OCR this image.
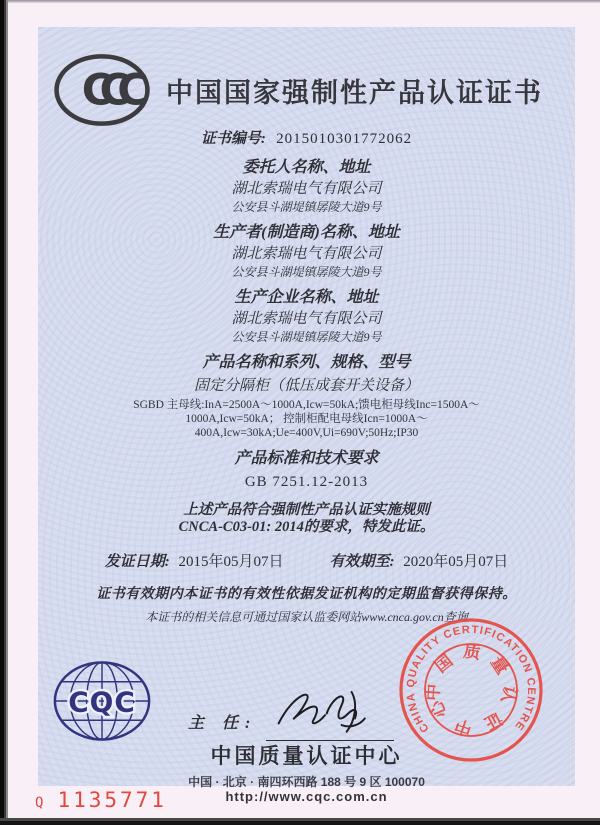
CCC	中国国家强制性产品认证证书
证书编号: 2015010301772062
委托人名称、地址
湖北索瑞电气有限公司
公安县斗湖堤镇孱陵大道9号
生产者(制造商)名称、地址
湖北索瑞电气有限公司
公安县斗湖堤镇孱陵大道9号
生产企业名称、地址
湖北索瑞电气有限公司
公安县斗湖堤镇孱陵大道9号
产品名称和系列、规格、型号
固定分隔柜（低压成套开关设备）
SGBD 主母线:InA=2500A～1000A,Icw=50kA;馈电柜母线Inc=1500A～
1000A,Icw=50kA； 控制柜配电母线Icn=1000A～
400A,Icw=30kA;Ue=400V,Ui=690V;50Hz;IP30
产品标准和技术要求
GB 7251.12-2013
上述产品符合强制性产品认证实施规则
CNCA-C03-01: 2014的要求，特发此证。
发证日期: 2015年05月07日	有效期至: 2020年05月07日
证书有效期内本证书的有效性依据发证机构的定期监督获得保持。
本证书的相关信息可通过国家认监委网站www.cnca.gov.cn查询
CQC
主 任:
中国质量认证中心
中国 · 北京 · 南四环西路 188 号 9 区 100070
http://www.cqc.com.cn
CHINA QUALITY CERTIFICATION CENTRE
中国质量认证中心
Q 1135771
